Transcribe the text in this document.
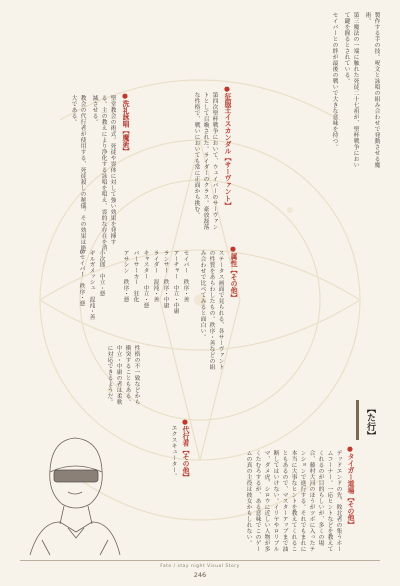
製作する手の技。呪文と詠唱の組み合わせで発動させる魔術。

第三魔法の一端に触れた死徒二十七祖が、聖杯戦争において鍵を握るとされている。

セイバーとの絆が最後の戦いで大きな意味を持つ。

●征服王イスカンダル【サーヴァント】

第四次聖杯戦争において、ウェイバーのサーヴァントとして召喚された。ライダーのクラス。豪放磊落な性格で、戦いにおいても常に正面から挑む。

●洗礼詠唱【魔術】

聖堂教会の術式。死徒や霊体に対して強い効果を発揮する。主の教えにより浄化する詠唱を唱え、霊的な存在を消滅させる。

教会の代行者が使用する、死徒殺しの秘儀。その効果は絶大である。

●属性【その他】

ステータス画面で見られる、各サーヴァントの性質をあらわしたもの。秩序・善などの組み合わせで比べてみると面白い。

セイバー　秩序・善
アーチャー　中立・中庸
ランサー　秩序・中庸
ライダー　混沌・善
キャスター　中立・悪
バーサーカー　狂化
アサシン　秩序・悪
小次郎　中立・悪
ギルガメッシュ　混沌・善
Bセイバー　秩序・悪

性格の不一致などから衝突することもある。中立・中庸の者は柔軟に対応できるようだ。

【た行】
●タイガー道場【その他】

デッドエンドの先、敗北者の集うホームコーナー。一応ヒントなどを教えてくれるのが目的らしいが、多くの場合、藤村大河のほうがツボに入ったテンションで進行する。それでもまれに本当に大事なヒントを教えてくれることもあるので、マスターアップまで油断してはいけない。イリヤやロリブルマ、ダメ虎、シロウに近しい人物が多くたむろするが、ある意味でこのゲームの真の主役は彼女かもしれない。

●代行者【その他】

エクスキューター。

Fate / stay night Visual Story
246
